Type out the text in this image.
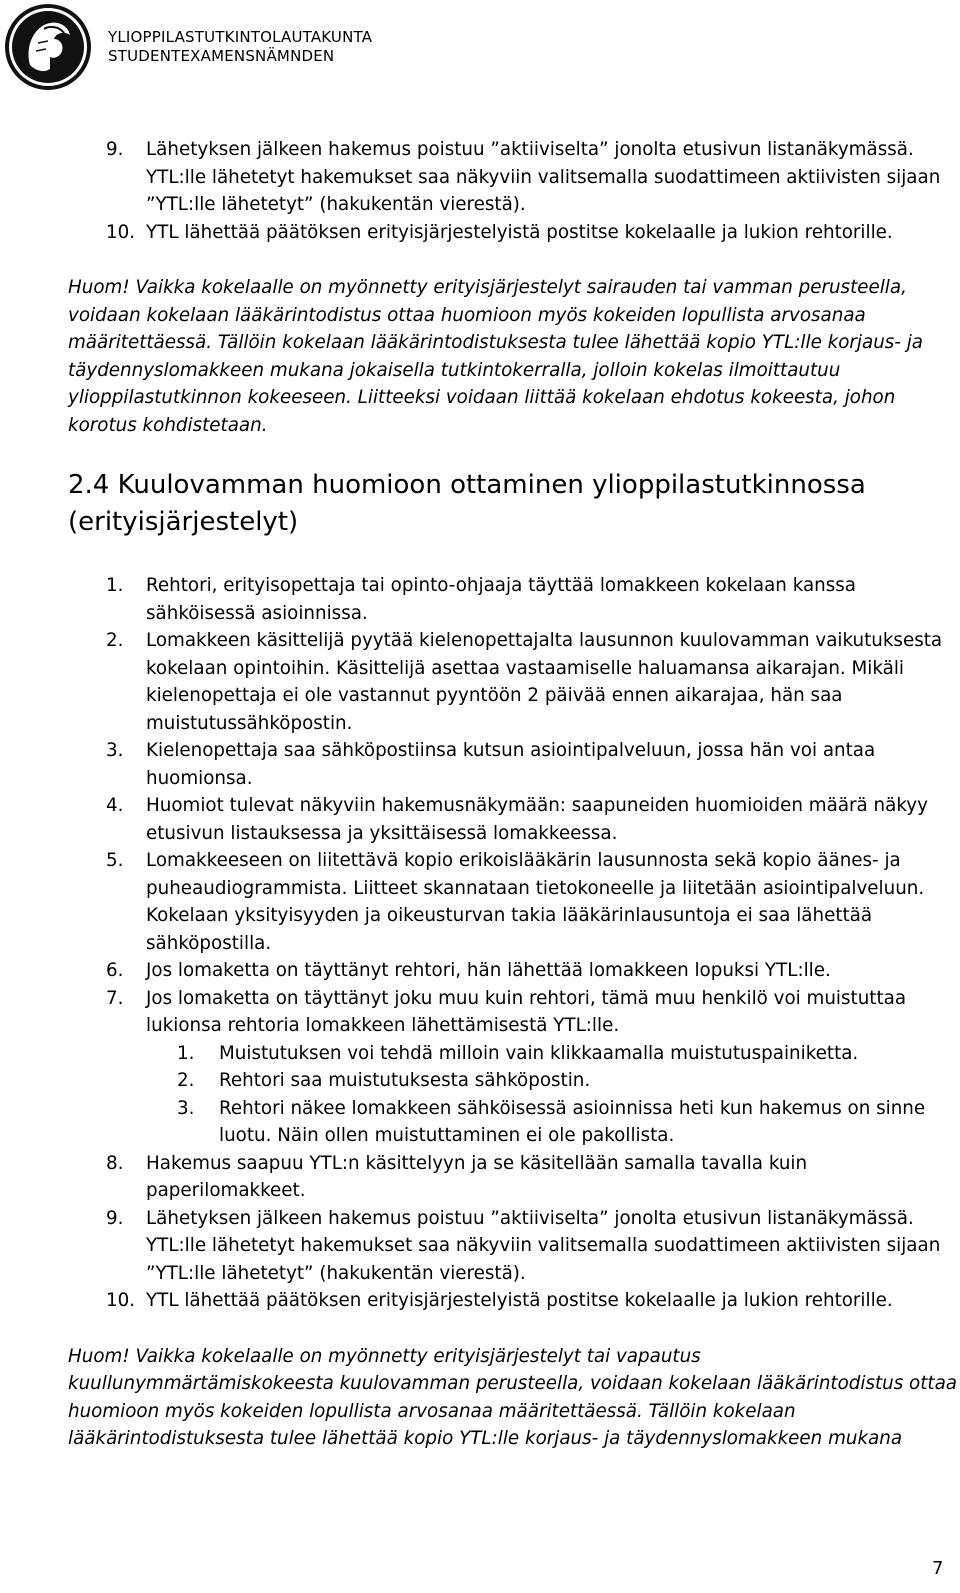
YLIOPPILASTUTKINTOLAUTAKUNTA
STUDENTEXAMENSNÄMNDEN
9. Lähetyksen jälkeen hakemus poistuu ”aktiiviselta” jonolta etusivun listanäkymässä. YTL:lle lähetetyt hakemukset saa näkyviin valitsemalla suodattimeen aktiivisten sijaan ”YTL:lle lähetetyt” (hakukentän vierestä).
10. YTL lähettää päätöksen erityisjärjestelyistä postitse kokelaalle ja lukion rehtorille.

Huom! Vaikka kokelaalle on myönnetty erityisjärjestelyt sairauden tai vamman perusteella, voidaan kokelaan lääkärintodistus ottaa huomioon myös kokeiden lopullista arvosanaa määritettäessä. Tällöin kokelaan lääkärintodistuksesta tulee lähettää kopio YTL:lle korjaus- ja täydennyslomakkeen mukana jokaisella tutkintokerralla, jolloin kokelas ilmoittautuu ylioppilastutkinnon kokeeseen. Liitteeksi voidaan liittää kokelaan ehdotus kokeesta, johon korotus kohdistetaan.

2.4 Kuulovamman huomioon ottaminen ylioppilastutkinnossa (erityisjärjestelyt)
1. Rehtori, erityisopettaja tai opinto-ohjaaja täyttää lomakkeen kokelaan kanssa sähköisessä asioinnissa.
2. Lomakkeen käsittelijä pyytää kielenopettajalta lausunnon kuulovamman vaikutuksesta kokelaan opintoihin. Käsittelijä asettaa vastaamiselle haluamansa aikarajan. Mikäli kielenopettaja ei ole vastannut pyyntöön 2 päivää ennen aikarajaa, hän saa muistutussähköpostin.
3. Kielenopettaja saa sähköpostiinsa kutsun asiointipalveluun, jossa hän voi antaa huomionsa.
4. Huomiot tulevat näkyviin hakemusnäkymään: saapuneiden huomioiden määrä näkyy etusivun listauksessa ja yksittäisessä lomakkeessa.
5. Lomakkeeseen on liitettävä kopio erikoislääkärin lausunnosta sekä kopio äänes- ja puheaudiogrammista. Liitteet skannataan tietokoneelle ja liitetään asiointipalveluun. Kokelaan yksityisyyden ja oikeusturvan takia lääkärinlausuntoja ei saa lähettää sähköpostilla.
6. Jos lomaketta on täyttänyt rehtori, hän lähettää lomakkeen lopuksi YTL:lle.
7. Jos lomaketta on täyttänyt joku muu kuin rehtori, tämä muu henkilö voi muistuttaa lukionsa rehtoria lomakkeen lähettämisestä YTL:lle.
1. Muistutuksen voi tehdä milloin vain klikkaamalla muistutuspainiketta.
2. Rehtori saa muistutuksesta sähköpostin.
3. Rehtori näkee lomakkeen sähköisessä asioinnissa heti kun hakemus on sinne luotu. Näin ollen muistuttaminen ei ole pakollista.
8. Hakemus saapuu YTL:n käsittelyyn ja se käsitellään samalla tavalla kuin paperilomakkeet.
9. Lähetyksen jälkeen hakemus poistuu ”aktiiviselta” jonolta etusivun listanäkymässä. YTL:lle lähetetyt hakemukset saa näkyviin valitsemalla suodattimeen aktiivisten sijaan ”YTL:lle lähetetyt” (hakukentän vierestä).
10. YTL lähettää päätöksen erityisjärjestelyistä postitse kokelaalle ja lukion rehtorille.

Huom! Vaikka kokelaalle on myönnetty erityisjärjestelyt tai vapautus kuullunymmärtämiskokeesta kuulovamman perusteella, voidaan kokelaan lääkärintodistus ottaa huomioon myös kokeiden lopullista arvosanaa määritettäessä. Tällöin kokelaan lääkärintodistuksesta tulee lähettää kopio YTL:lle korjaus- ja täydennyslomakkeen mukana

7
